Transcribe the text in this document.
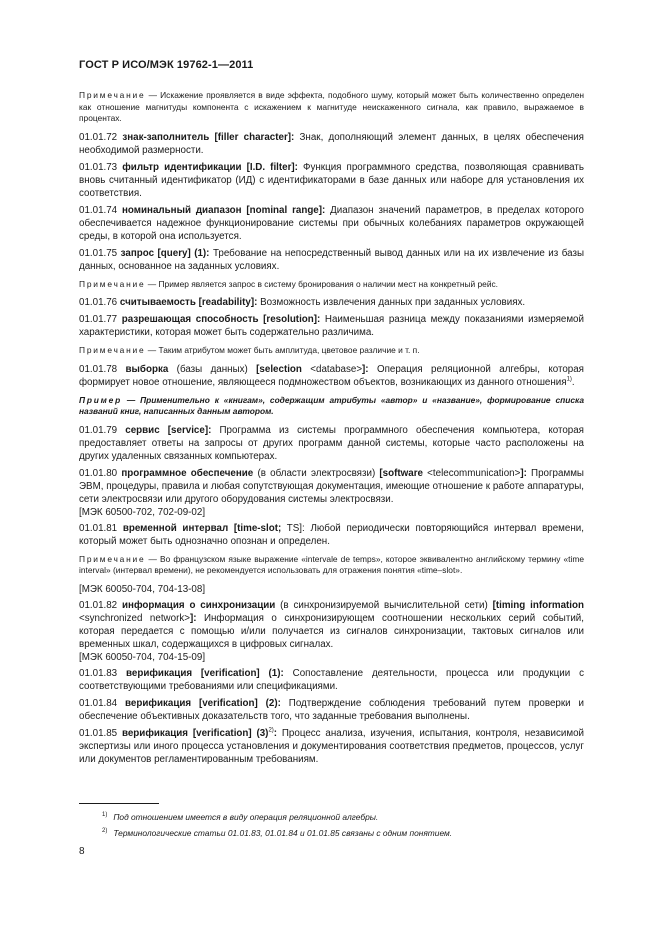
ГОСТ Р ИСО/МЭК 19762-1—2011

Примечание — Искажение проявляется в виде эффекта, подобного шуму, который может быть количественно определен как отношение магнитуды компонента с искажением к магнитуде неискаженного сигнала, как правило, выражаемое в процентах.

01.01.72 знак-заполнитель [filler character]: Знак, дополняющий элемент данных, в целях обеспечения необходимой размерности.

01.01.73 фильтр идентификации [I.D. filter]: Функция программного средства, позволяющая сравнивать вновь считанный идентификатор (ИД) с идентификаторами в базе данных или наборе для установления их соответствия.

01.01.74 номинальный диапазон [nominal range]: Диапазон значений параметров, в пределах которого обеспечивается надежное функционирование системы при обычных колебаниях параметров окружающей среды, в которой она используется.

01.01.75 запрос [query] (1): Требование на непосредственный вывод данных или на их извлечение из базы данных, основанное на заданных условиях.

Примечание — Пример является запрос в систему бронирования о наличии мест на конкретный рейс.

01.01.76 считываемость [readability]: Возможность извлечения данных при заданных условиях.

01.01.77 разрешающая способность [resolution]: Наименьшая разница между показаниями измеряемой характеристики, которая может быть содержательно различима.

Примечание — Таким атрибутом может быть амплитуда, цветовое различие и т. п.

01.01.78 выборка (базы данных) [selection <database>]: Операция реляционной алгебры, которая формирует новое отношение, являющееся подмножеством объектов, возникающих из данного отношения$^{1)}$.

Пример — Применительно к «книгам», содержащим атрибуты «автор» и «название», формирование списка названий книг, написанных данным автором.

01.01.79 сервис [service]: Программа из системы программного обеспечения компьютера, которая предоставляет ответы на запросы от других программ данной системы, которые часто расположены на других удаленных связанных компьютерах.

01.01.80 программное обеспечение (в области электросвязи) [software <telecommunication>]: Программы ЭВМ, процедуры, правила и любая сопутствующая документация, имеющие отношение к работе аппаратуры, сети электросвязи или другого оборудования системы электросвязи.

[МЭК 60500-702, 702-09-02]

01.01.81 временной интервал [time-slot; TS]: Любой периодически повторяющийся интервал времени, который может быть однозначно опознан и определен.

Примечание — Во французском языке выражение «intervale de temps», которое эквивалентно английскому термину «time interval» (интервал времени), не рекомендуется использовать для отражения понятия «time–slot».

[МЭК 60050-704, 704-13-08]

01.01.82 информация о синхронизации (в синхронизируемой вычислительной сети) [timing information <synchronized network>]: Информация о синхронизирующем соотношении нескольких серий событий, которая передается с помощью и/или получается из сигналов синхронизации, тактовых сигналов или временных шкал, содержащихся в цифровых сигналах.

[МЭК 60050-704, 704-15-09]

01.01.83 верификация [verification] (1): Сопоставление деятельности, процесса или продукции с соответствующими требованиями или спецификациями.

01.01.84 верификация [verification] (2): Подтверждение соблюдения требований путем проверки и обеспечение объективных доказательств того, что заданные требования выполнены.

01.01.85 верификация [verification] $(3)^{2)}$: Процесс анализа, изучения, испытания, контроля, независимой экспертизы или иного процесса установления и документирования соответствия предметов, процессов, услуг или документов регламентированным требованиям.

$^{1)}$ Под отношением имеется в виду операция реляционной алгебры.
$^{2)}$ Терминологические статьи 01.01.83, 01.01.84 и 01.01.85 связаны с одним понятием.
8
